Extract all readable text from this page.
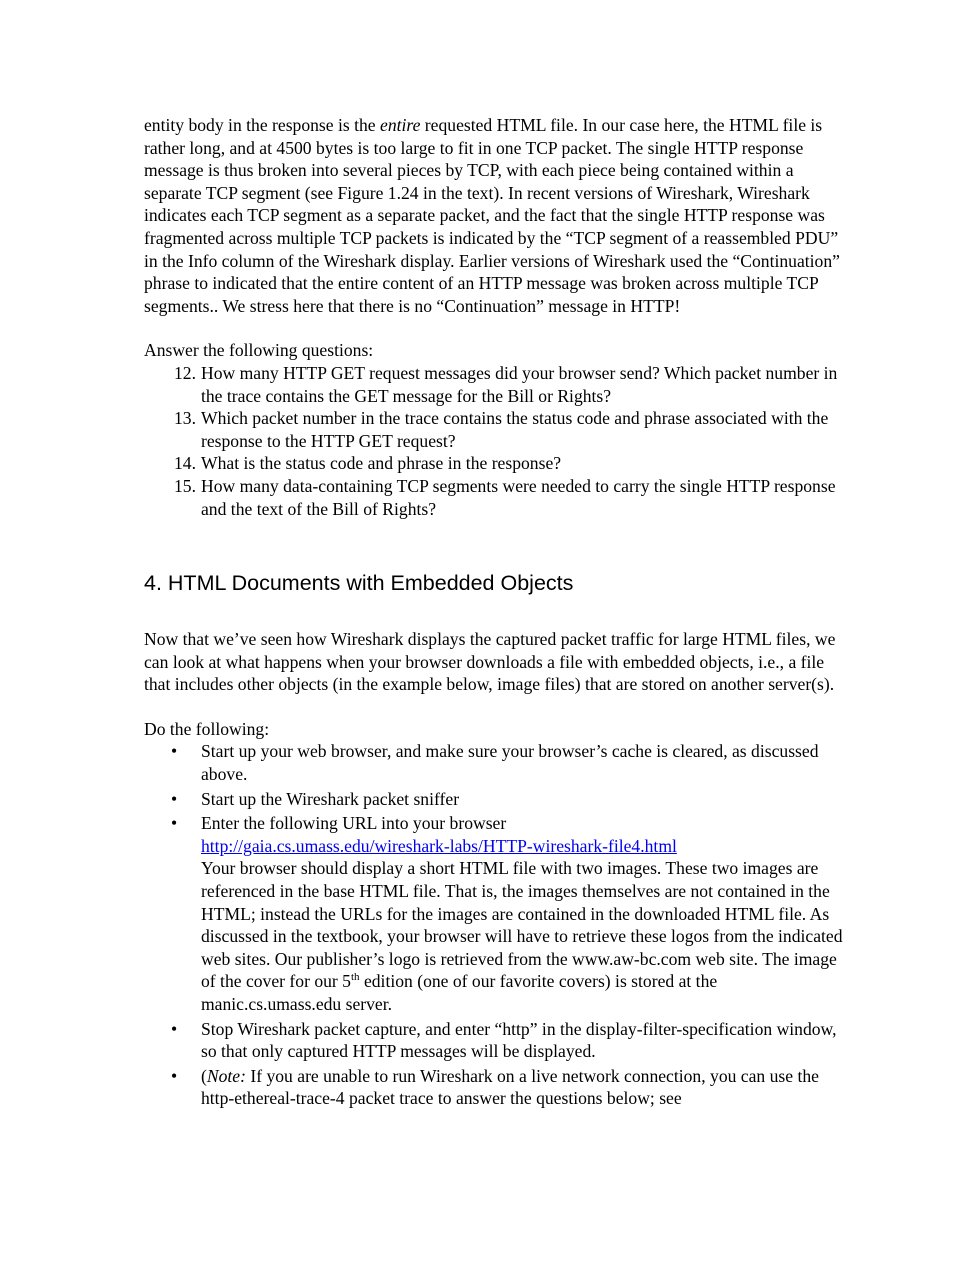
entity body in the response is the entire requested HTML file. In our case here, the HTML file is rather long, and at 4500 bytes is too large to fit in one TCP packet. The single HTTP response message is thus broken into several pieces by TCP, with each piece being contained within a separate TCP segment (see Figure 1.24 in the text). In recent versions of Wireshark, Wireshark indicates each TCP segment as a separate packet, and the fact that the single HTTP response was fragmented across multiple TCP packets is indicated by the “TCP segment of a reassembled PDU” in the Info column of the Wireshark display. Earlier versions of Wireshark used the “Continuation” phrase to indicated that the entire content of an HTTP message was broken across multiple TCP segments.. We stress here that there is no “Continuation” message in HTTP!

Answer the following questions:

12. How many HTTP GET request messages did your browser send? Which packet number in the trace contains the GET message for the Bill or Rights?
13. Which packet number in the trace contains the status code and phrase associated with the response to the HTTP GET request?
14. What is the status code and phrase in the response?
15. How many data-containing TCP segments were needed to carry the single HTTP response and the text of the Bill of Rights?
4. HTML Documents with Embedded Objects

Now that we’ve seen how Wireshark displays the captured packet traffic for large HTML files, we can look at what happens when your browser downloads a file with embedded objects, i.e., a file that includes other objects (in the example below, image files) that are stored on another server(s).

Do the following:

• Start up your web browser, and make sure your browser’s cache is cleared, as discussed above.
• Start up the Wireshark packet sniffer
• Enter the following URL into your browser
http://gaia.cs.umass.edu/wireshark-labs/HTTP-wireshark-file4.html
Your browser should display a short HTML file with two images. These two images are referenced in the base HTML file. That is, the images themselves are not contained in the HTML; instead the URLs for the images are contained in the downloaded HTML file. As discussed in the textbook, your browser will have to retrieve these logos from the indicated web sites. Our publisher’s logo is retrieved from the www.aw-bc.com web site. The image of the cover for our 5th edition (one of our favorite covers) is stored at the manic.cs.umass.edu server.
• Stop Wireshark packet capture, and enter “http” in the display-filter-specification window, so that only captured HTTP messages will be displayed.
• (Note: If you are unable to run Wireshark on a live network connection, you can use the http-ethereal-trace-4 packet trace to answer the questions below; see
